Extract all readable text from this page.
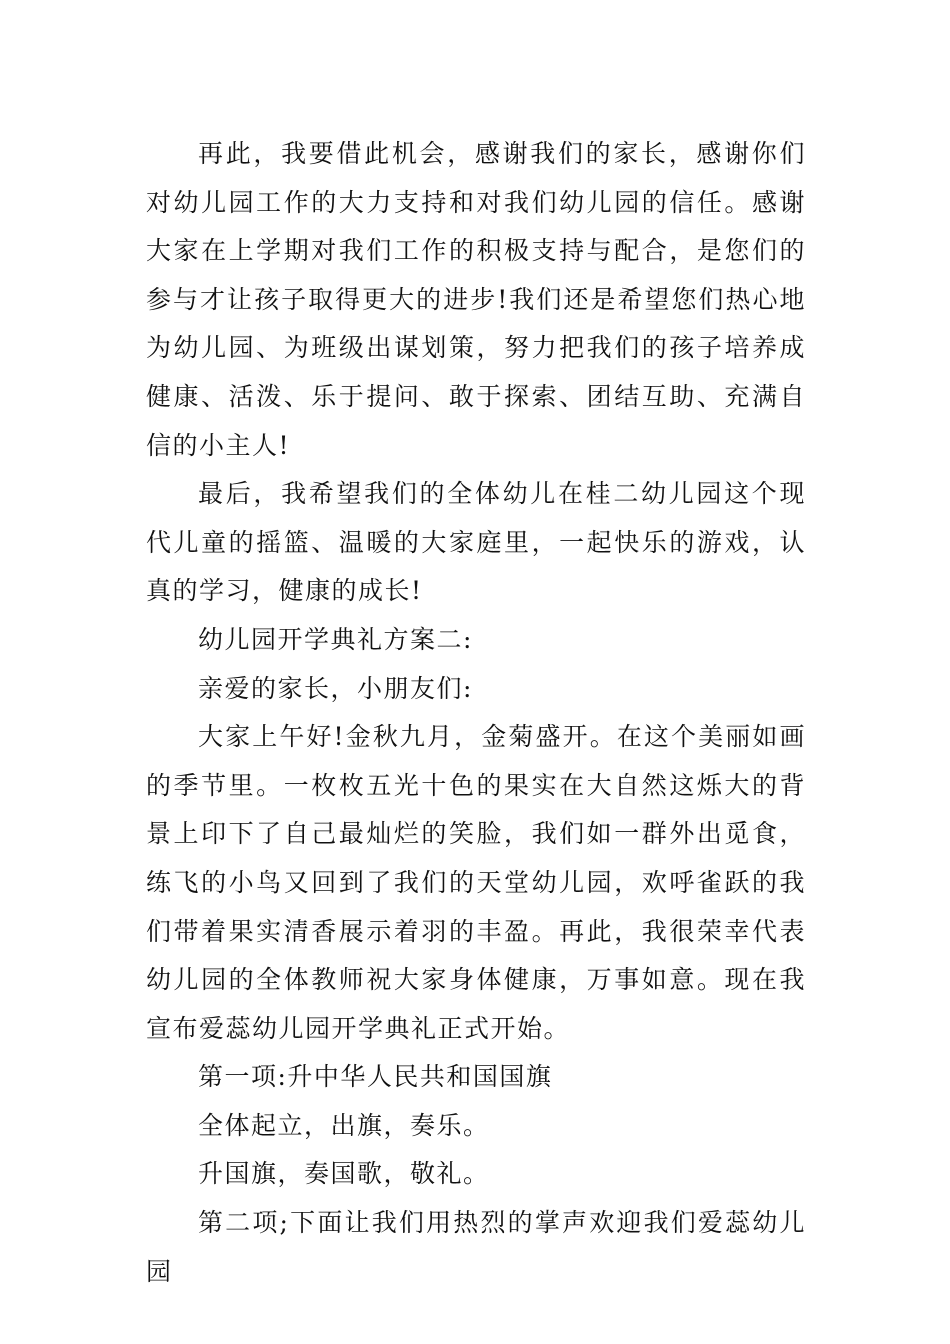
再此，我要借此机会，感谢我们的家长，感谢你们对幼儿园工作的大力支持和对我们幼儿园的信任。感谢大家在上学期对我们工作的积极支持与配合，是您们的参与才让孩子取得更大的进步!我们还是希望您们热心地为幼儿园、为班级出谋划策，努力把我们的孩子培养成健康、活泼、乐于提问、敢于探索、团结互助、充满自信的小主人!

最后，我希望我们的全体幼儿在桂二幼儿园这个现代儿童的摇篮、温暖的大家庭里，一起快乐的游戏，认真的学习，健康的成长!

幼儿园开学典礼方案二:

亲爱的家长，小朋友们:

大家上午好!金秋九月，金菊盛开。在这个美丽如画的季节里。一枚枚五光十色的果实在大自然这烁大的背景上印下了自己最灿烂的笑脸，我们如一群外出觅食，练飞的小鸟又回到了我们的天堂幼儿园，欢呼雀跃的我们带着果实清香展示着羽的丰盈。再此，我很荣幸代表幼儿园的全体教师祝大家身体健康，万事如意。现在我宣布爱蕊幼儿园开学典礼正式开始。

第一项:升中华人民共和国国旗

全体起立，出旗，奏乐。

升国旗，奏国歌，敬礼。

第二项;下面让我们用热烈的掌声欢迎我们爱蕊幼儿园
